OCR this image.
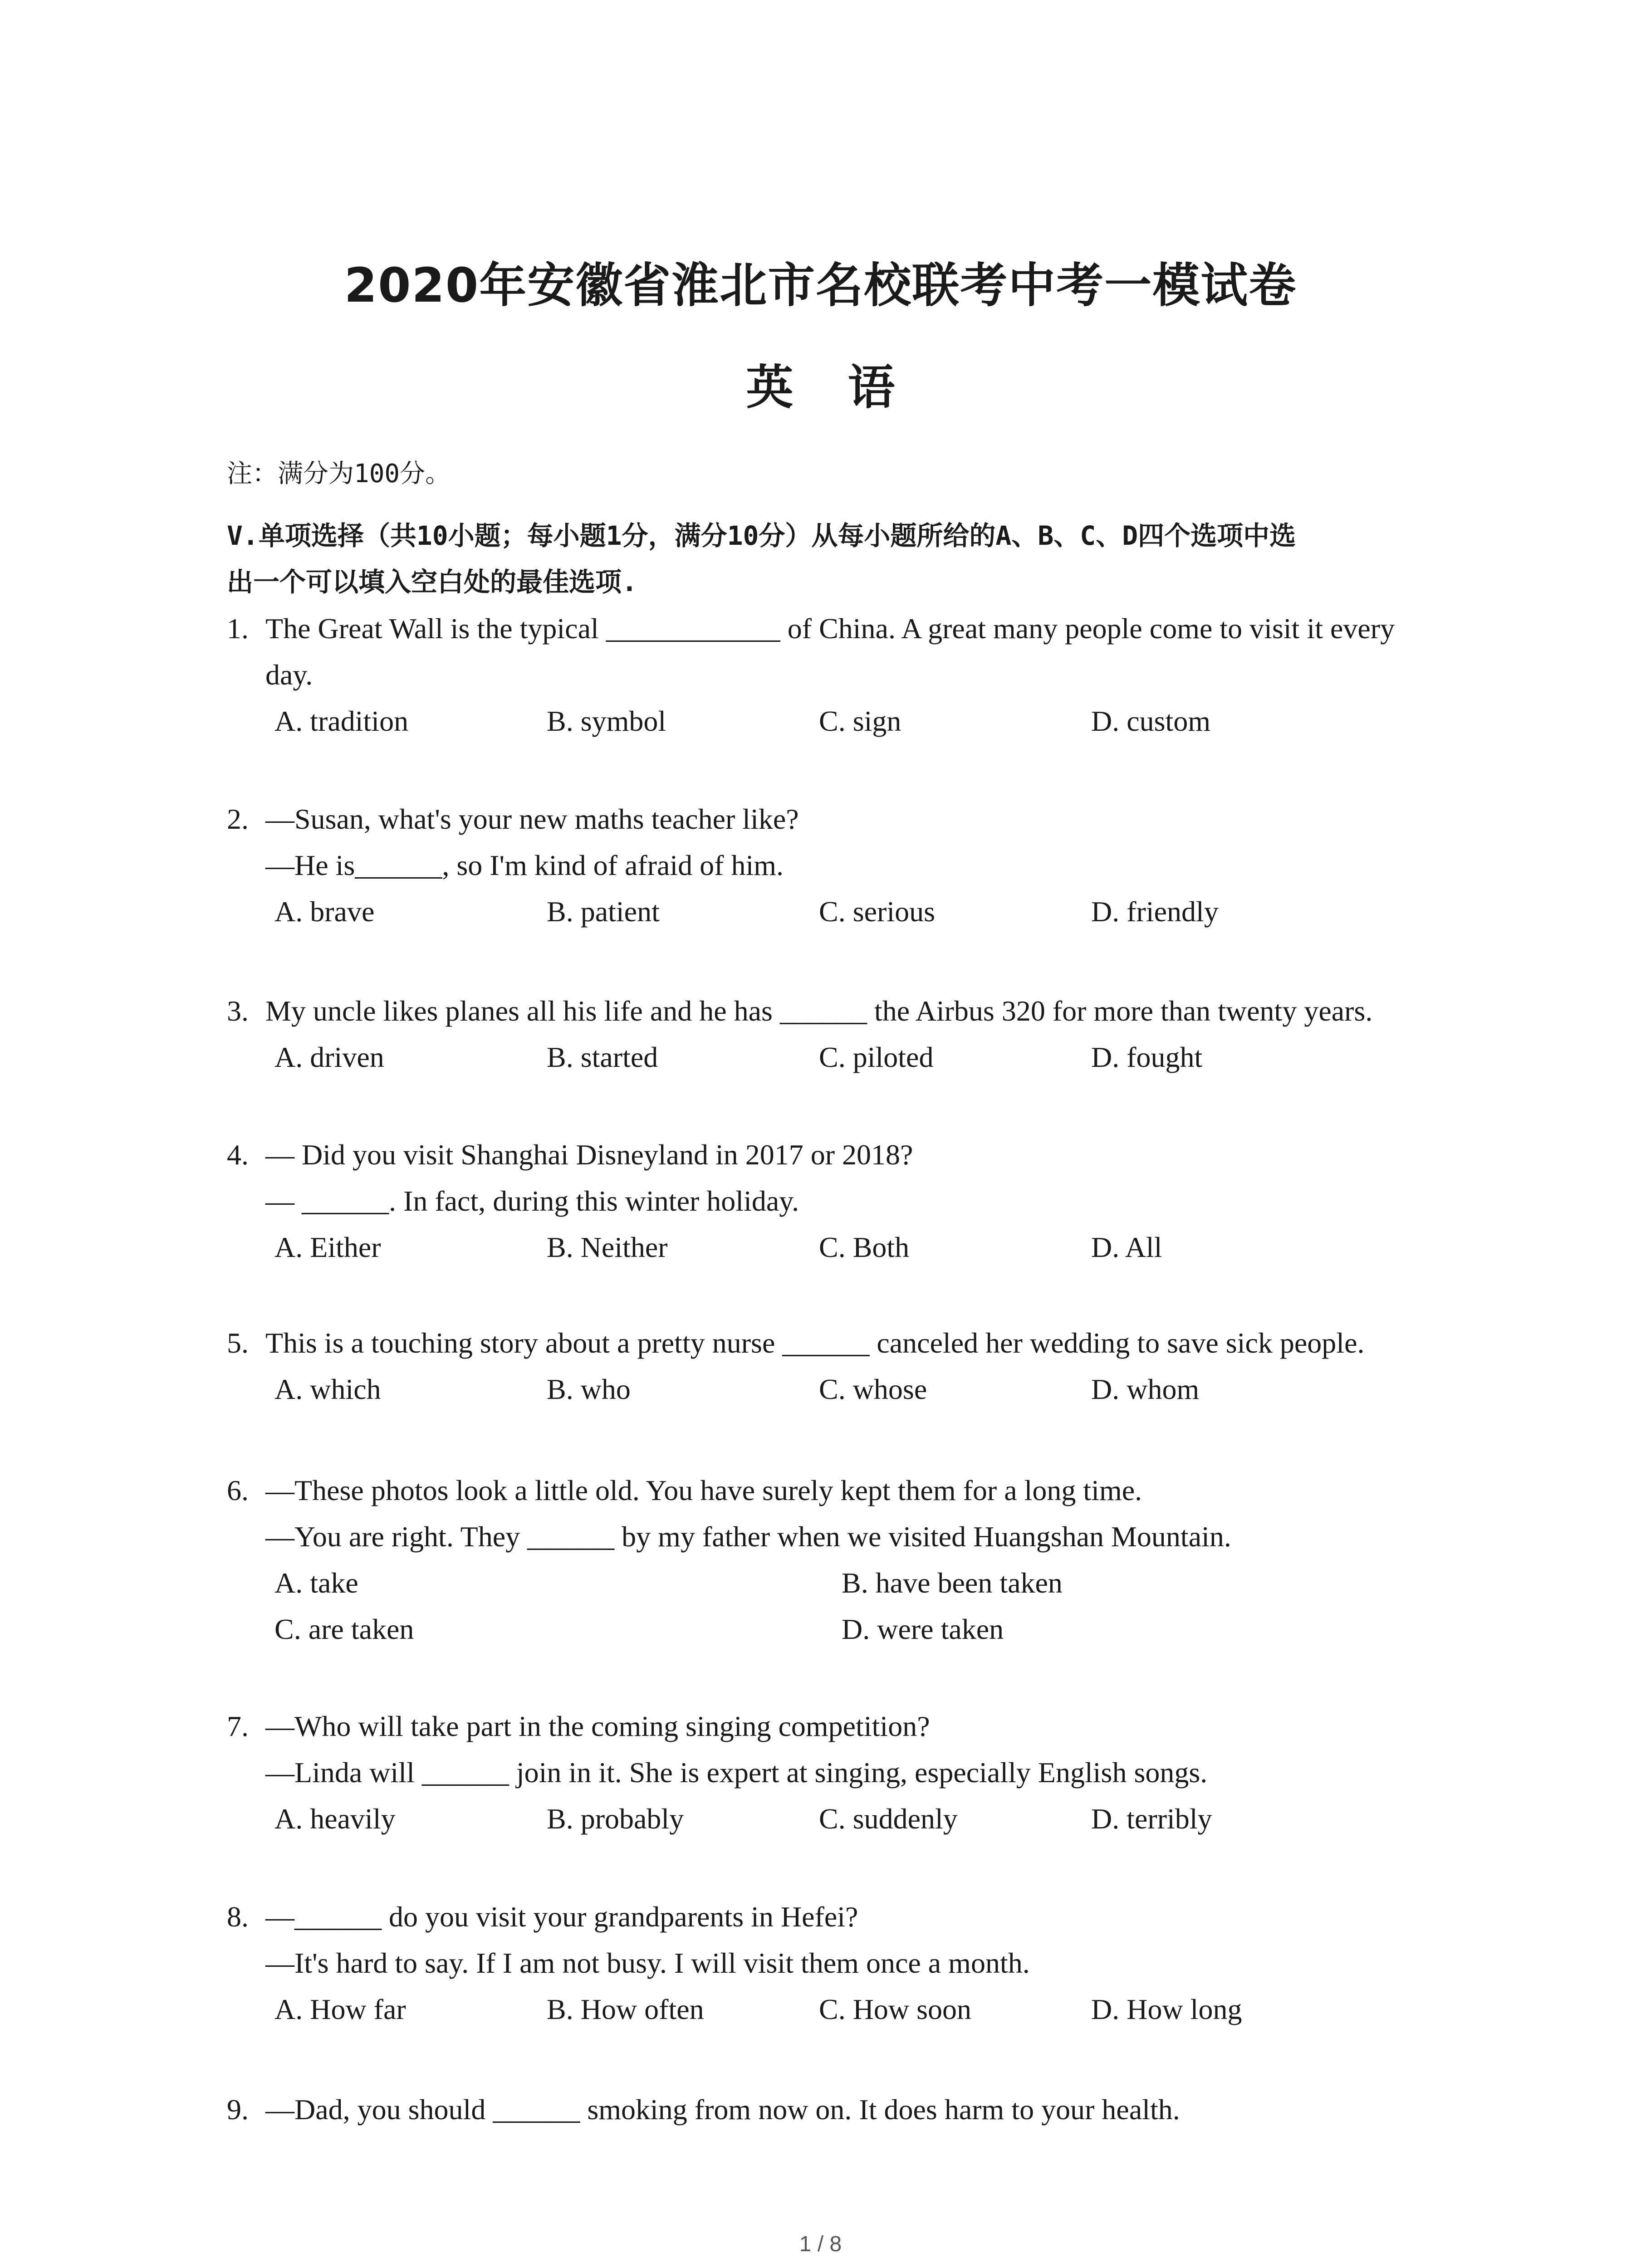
2020年安徽省淮北市名校联考中考一模试卷
英语
注：满分为100分。
V.单项选择（共10小题；每小题1分，满分10分）从每小题所给的A、B、C、D四个选项中选
出一个可以填入空白处的最佳选项.
1. The Great Wall is the typical ____________ of China. A great many people come to visit it every
day.
A. tradition	B. symbol	C. sign	D. custom
2. —Susan, what's your new maths teacher like?
—He is______, so I'm kind of afraid of him.
A. brave	B. patient	C. serious	D. friendly
3. My uncle likes planes all his life and he has ______ the Airbus 320 for more than twenty years.
A. driven	B. started	C. piloted	D. fought
4. — Did you visit Shanghai Disneyland in 2017 or 2018?
— ______. In fact, during this winter holiday.
A. Either	B. Neither	C. Both	D. All
5. This is a touching story about a pretty nurse ______ canceled her wedding to save sick people.
A. which	B. who	C. whose	D. whom
6. —These photos look a little old. You have surely kept them for a long time.
—You are right. They ______ by my father when we visited Huangshan Mountain.
A. take	B. have been taken
C. are taken	D. were taken
7. —Who will take part in the coming singing competition?
—Linda will ______ join in it. She is expert at singing, especially English songs.
A. heavily	B. probably	C. suddenly	D. terribly
8. —______ do you visit your grandparents in Hefei?
—It's hard to say. If I am not busy. I will visit them once a month.
A. How far	B. How often	C. How soon	D. How long
9. —Dad, you should ______ smoking from now on. It does harm to your health.
1 / 8
